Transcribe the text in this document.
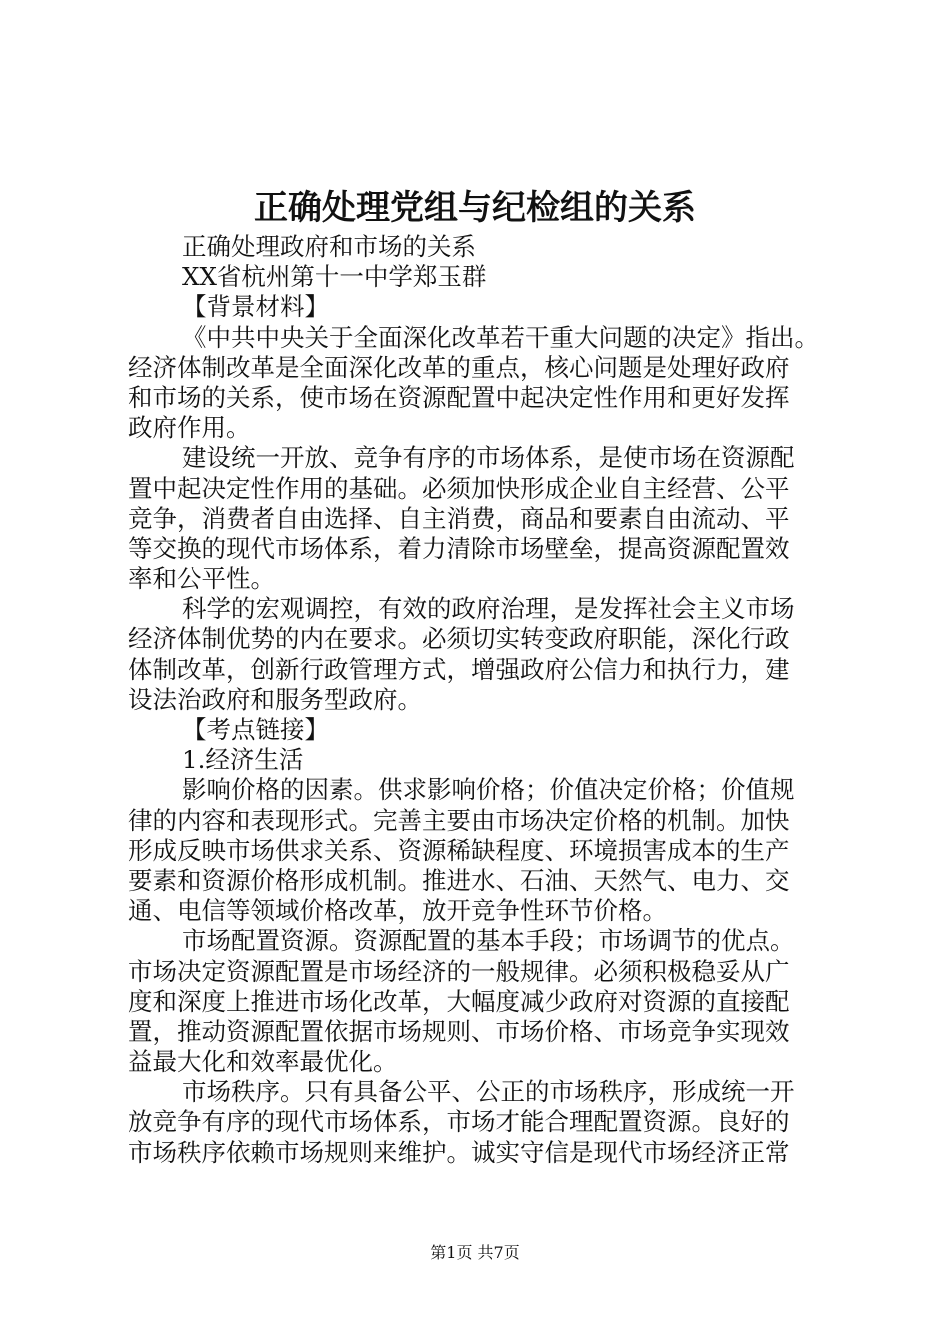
正确处理党组与纪检组的关系
正确处理政府和市场的关系
XX省杭州第十一中学郑玉群
【背景材料】
《中共中央关于全面深化改革若干重大问题的决定》指出。
经济体制改革是全面深化改革的重点，核心问题是处理好政府
和市场的关系，使市场在资源配置中起决定性作用和更好发挥
政府作用。
建设统一开放、竞争有序的市场体系，是使市场在资源配
置中起决定性作用的基础。必须加快形成企业自主经营、公平
竞争，消费者自由选择、自主消费，商品和要素自由流动、平
等交换的现代市场体系，着力清除市场壁垒，提高资源配置效
率和公平性。
科学的宏观调控，有效的政府治理，是发挥社会主义市场
经济体制优势的内在要求。必须切实转变政府职能，深化行政
体制改革，创新行政管理方式，增强政府公信力和执行力，建
设法治政府和服务型政府。
【考点链接】
1.经济生活
影响价格的因素。供求影响价格；价值决定价格；价值规
律的内容和表现形式。完善主要由市场决定价格的机制。加快
形成反映市场供求关系、资源稀缺程度、环境损害成本的生产
要素和资源价格形成机制。推进水、石油、天然气、电力、交
通、电信等领域价格改革，放开竞争性环节价格。
市场配置资源。资源配置的基本手段；市场调节的优点。
市场决定资源配置是市场经济的一般规律。必须积极稳妥从广
度和深度上推进市场化改革，大幅度减少政府对资源的直接配
置，推动资源配置依据市场规则、市场价格、市场竞争实现效
益最大化和效率最优化。
市场秩序。只有具备公平、公正的市场秩序，形成统一开
放竞争有序的现代市场体系，市场才能合理配置资源。良好的
市场秩序依赖市场规则来维护。诚实守信是现代市场经济正常
第1页 共7页
